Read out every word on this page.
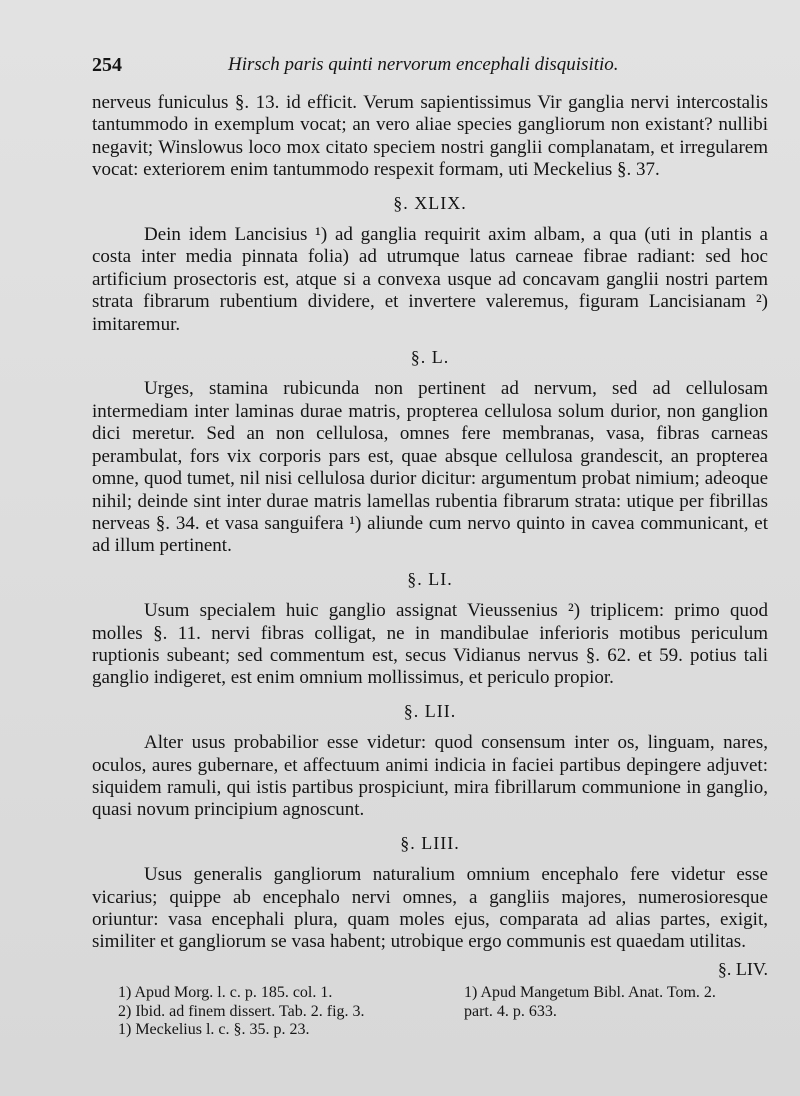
254	Hirsch paris quinti nervorum encephali disquisitio.

nerveus funiculus §. 13. id efficit. Verum sapientissimus Vir ganglia nervi intercostalis tantummodo in exemplum vocat; an vero aliae species gangliorum non existant? nullibi negavit; Winslowus loco mox citato speciem nostri ganglii complanatam, et irregularem vocat: exteriorem enim tantummodo respexit formam, uti Meckelius §. 37.

§. XLIX.

Dein idem Lancisius ¹) ad ganglia requirit axim albam, a qua (uti in plantis a costa inter media pinnata folia) ad utrumque latus carneae fibrae radiant: sed hoc artificium prosectoris est, atque si a convexa usque ad concavam ganglii nostri partem strata fibrarum rubentium dividere, et invertere valeremus, figuram Lancisianam ²) imitaremur.

§. L.

Urges, stamina rubicunda non pertinent ad nervum, sed ad cellulosam intermediam inter laminas durae matris, propterea cellulosa solum durior, non ganglion dici meretur. Sed an non cellulosa, omnes fere membranas, vasa, fibras carneas perambulat, fors vix corporis pars est, quae absque cellulosa grandescit, an propterea omne, quod tumet, nil nisi cellulosa durior dicitur: argumentum probat nimium; adeoque nihil; deinde sint inter durae matris lamellas rubentia fibrarum strata: utique per fibrillas nerveas §. 34. et vasa sanguifera ¹) aliunde cum nervo quinto in cavea communicant, et ad illum pertinent.

§. LI.

Usum specialem huic ganglio assignat Vieussenius ²) triplicem: primo quod molles §. 11. nervi fibras colligat, ne in mandibulae inferioris motibus periculum ruptionis subeant; sed commentum est, secus Vidianus nervus §. 62. et 59. potius tali ganglio indigeret, est enim omnium mollissimus, et periculo propior.

§. LII.

Alter usus probabilior esse videtur: quod consensum inter os, linguam, nares, oculos, aures gubernare, et affectuum animi indicia in faciei partibus depingere adjuvet: siquidem ramuli, qui istis partibus prospiciunt, mira fibrillarum communione in ganglio, quasi novum principium agnoscunt.

§. LIII.

Usus generalis gangliorum naturalium omnium encephalo fere videtur esse vicarius; quippe ab encephalo nervi omnes, a gangliis majores, numerosioresque oriuntur: vasa encephali plura, quam moles ejus, comparata ad alias partes, exigit, similiter et gangliorum se vasa habent; utrobique ergo communis est quaedam utilitas.

§. LIV.
1) Apud Morg. l. c. p. 185. col. 1.
2) Ibid. ad finem dissert. Tab. 2. fig. 3.
1) Meckelius l. c. §. 35. p. 23.
1) Apud Mangetum Bibl. Anat. Tom. 2.
part. 4. p. 633.
